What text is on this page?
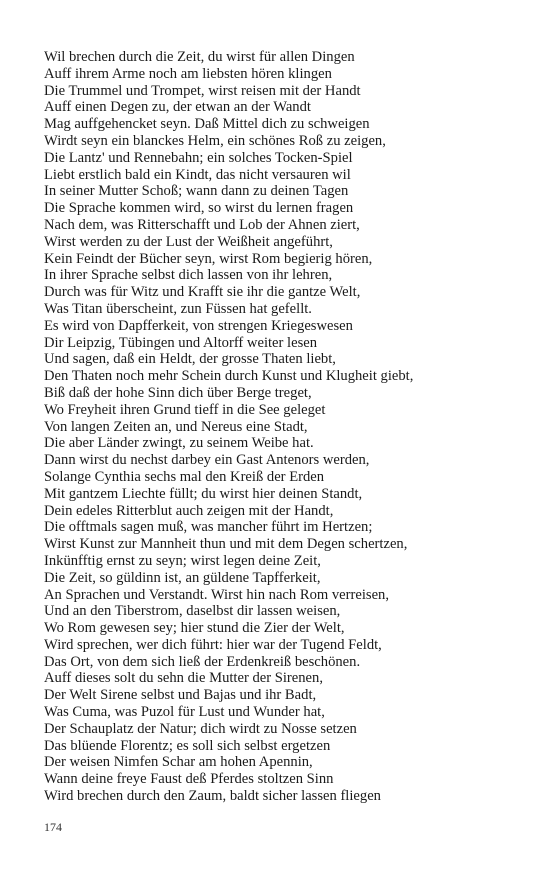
Wil brechen durch die Zeit, du wirst für allen Dingen
Auff ihrem Arme noch am liebsten hören klingen
Die Trummel und Trompet, wirst reisen mit der Handt
Auff einen Degen zu, der etwan an der Wandt
Mag auffgehencket seyn. Daß Mittel dich zu schweigen
Wirdt seyn ein blanckes Helm, ein schönes Roß zu zeigen,
Die Lantz' und Rennebahn; ein solches Tocken-Spiel
Liebt erstlich bald ein Kindt, das nicht versauren wil
In seiner Mutter Schoß; wann dann zu deinen Tagen
Die Sprache kommen wird, so wirst du lernen fragen
Nach dem, was Ritterschafft und Lob der Ahnen ziert,
Wirst werden zu der Lust der Weißheit angeführt,
Kein Feindt der Bücher seyn, wirst Rom begierig hören,
In ihrer Sprache selbst dich lassen von ihr lehren,
Durch was für Witz und Krafft sie ihr die gantze Welt,
Was Titan überscheint, zun Füssen hat gefellt.
Es wird von Dapfferkeit, von strengen Kriegeswesen
Dir Leipzig, Tübingen und Altorff weiter lesen
Und sagen, daß ein Heldt, der grosse Thaten liebt,
Den Thaten noch mehr Schein durch Kunst und Klugheit giebt,
Biß daß der hohe Sinn dich über Berge treget,
Wo Freyheit ihren Grund tieff in die See geleget
Von langen Zeiten an, und Nereus eine Stadt,
Die aber Länder zwingt, zu seinem Weibe hat.
Dann wirst du nechst darbey ein Gast Antenors werden,
Solange Cynthia sechs mal den Kreiß der Erden
Mit gantzem Liechte füllt; du wirst hier deinen Standt,
Dein edeles Ritterblut auch zeigen mit der Handt,
Die offtmals sagen muß, was mancher führt im Hertzen;
Wirst Kunst zur Mannheit thun und mit dem Degen schertzen,
Inkünfftig ernst zu seyn; wirst legen deine Zeit,
Die Zeit, so güldinn ist, an güldene Tapfferkeit,
An Sprachen und Verstandt. Wirst hin nach Rom verreisen,
Und an den Tiberstrom, daselbst dir lassen weisen,
Wo Rom gewesen sey; hier stund die Zier der Welt,
Wird sprechen, wer dich führt: hier war der Tugend Feldt,
Das Ort, von dem sich ließ der Erdenkreiß beschönen.
Auff dieses solt du sehn die Mutter der Sirenen,
Der Welt Sirene selbst und Bajas und ihr Badt,
Was Cuma, was Puzol für Lust und Wunder hat,
Der Schauplatz der Natur; dich wirdt zu Nosse setzen
Das blüende Florentz; es soll sich selbst ergetzen
Der weisen Nimfen Schar am hohen Apennin,
Wann deine freye Faust deß Pferdes stoltzen Sinn
Wird brechen durch den Zaum, baldt sicher lassen fliegen
174
